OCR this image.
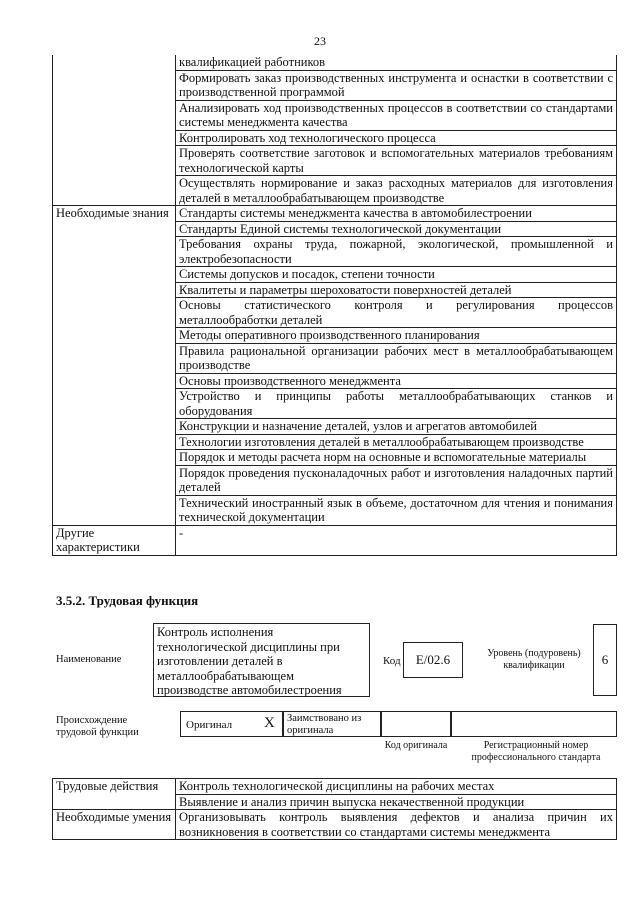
23
	квалификацией работников
	Формировать заказ производственных инструмента и оснастки в соответствии с производственной программой
	Анализировать ход производственных процессов в соответствии со стандартами системы менеджмента качества
	Контролировать ход технологического процесса
	Проверять соответствие заготовок и вспомогательных материалов требованиям технологической карты
	Осуществлять нормирование и заказ расходных материалов для изготовления деталей в металлообрабатывающем производстве
Необходимые знания	Стандарты системы менеджмента качества в автомобилестроении
	Стандарты Единой системы технологической документации
	Требования охраны труда, пожарной, экологической, промышленной и электробезопасности
	Системы допусков и посадок, степени точности
	Квалитеты и параметры шероховатости поверхностей деталей
	Основы статистического контроля и регулирования процессов металлообработки деталей
	Методы оперативного производственного планирования
	Правила рациональной организации рабочих мест в металлообрабатывающем производстве
	Основы производственного менеджмента
	Устройство и принципы работы металлообрабатывающих станков и оборудования
	Конструкции и назначение деталей, узлов и агрегатов автомобилей
	Технологии изготовления деталей в металлообрабатывающем производстве
	Порядок и методы расчета норм на основные и вспомогательные материалы
	Порядок проведения пусконаладочных работ и изготовления наладочных партий деталей
	Технический иностранный язык в объеме, достаточном для чтения и понимания технической документации
Другие характеристики	-
3.5.2. Трудовая функция
Наименование
Контроль исполнения технологической дисциплины при изготовлении деталей в металлообрабатывающем производстве автомобилестроения
Код	E/02.6	Уровень (подуровень) квалификации	6
Происхождение трудовой функции
Оригинал X Заимствовано из оригинала
Код оригинала	Регистрационный номер профессионального стандарта
Трудовые действия	Контроль технологической дисциплины на рабочих местах
	Выявление и анализ причин выпуска некачественной продукции
Необходимые умения	Организовывать контроль выявления дефектов и анализа причин их возникновения в соответствии со стандартами системы менеджмента
